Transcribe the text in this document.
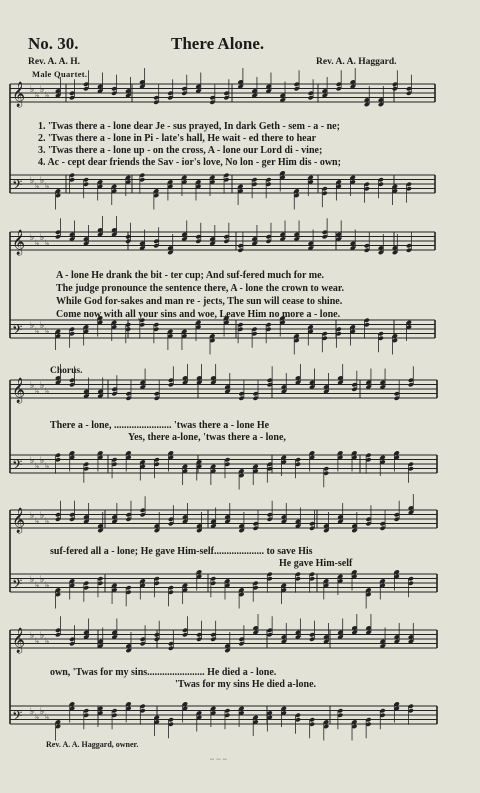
𝄞 ♭
♭
♭
♭
𝄢 ♭
♭
♭
♭
𝄞 ♭
♭
♭
♭
𝄢 ♭
♭
♭
♭
𝄞 ♭
♭
♭
♭
𝄢 ♭
♭
♭
♭
𝄞 ♭
♭
♭
♭
𝄢 ♭
♭
♭
♭
𝄞 ♭
♭
♭
♭
𝄢 ♭
♭
♭
♭
No. 30.	There Alone.
Rev. A. A. H.	Rev. A. A. Haggard.
Male Quartet.
1. 'Twas there a - lone dear Je - sus prayed, In dark Geth - sem - a - ne;
2. 'Twas there a - lone in Pi - late's hall, He wait - ed there to hear
3. 'Twas there a - lone up - on the cross, A - lone our Lord di - vine;
4. Ac - cept dear friends the Sav - ior's love, No lon - ger Him dis - own;
A - lone He drank the bit - ter cup; And suf-fered much for me.
The judge pronounce the sentence there, A - lone the crown to wear.
While God for-sakes and man re - jects, The sun will cease to shine.
Come now with all your sins and woe, Leave Him no more a - lone.
Chorus.
There a - lone, ....................... 'twas there a - lone He
Yes, there a-lone, 'twas there a - lone,
suf-fered all a - lone; He gave Him-self.................... to save His
He gave Him-self
own, 'Twas for my sins....................... He died a - lone.
'Twas for my sins He died a-lone.
Rev. A. A. Haggard, owner.
~ ~ ~
